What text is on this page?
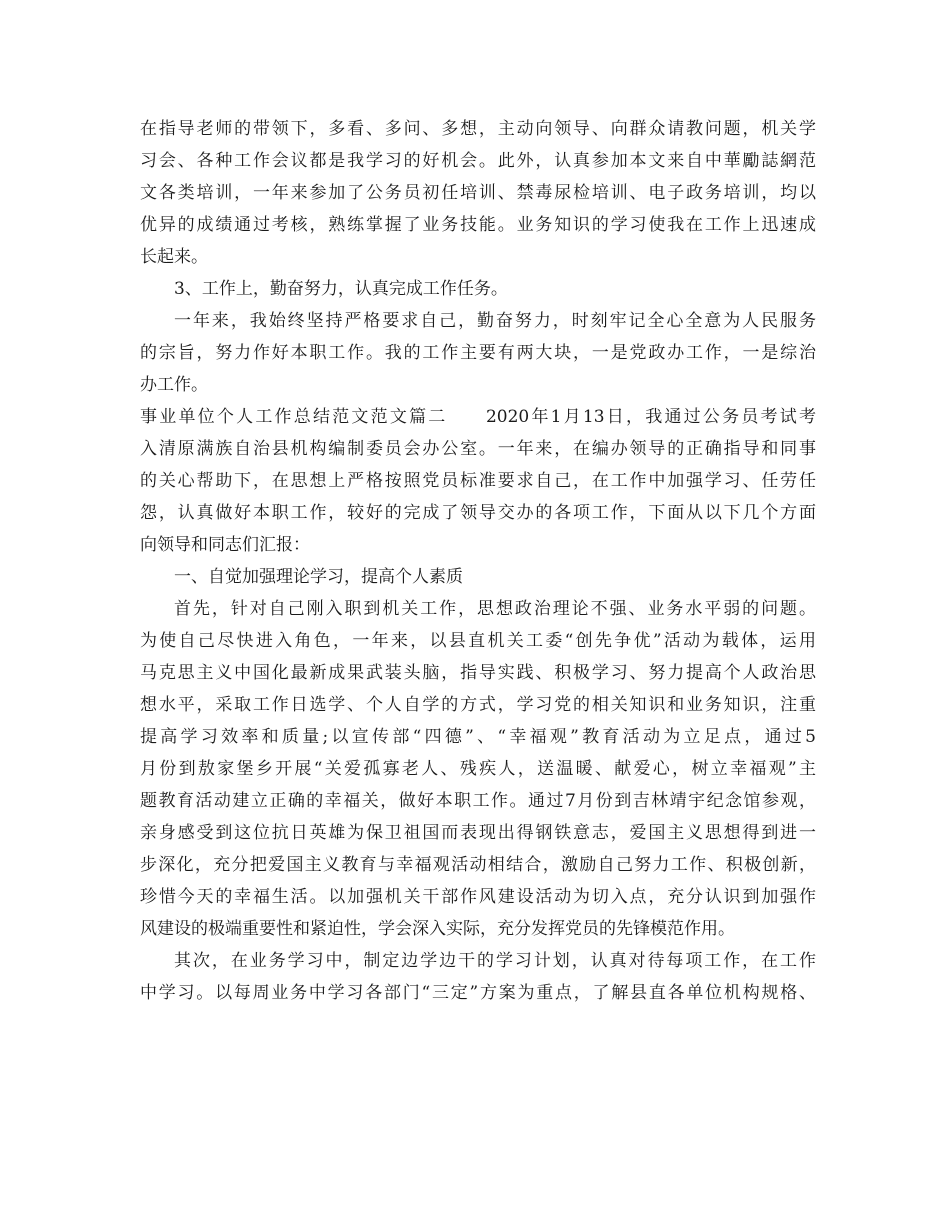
在指导老师的带领下，多看、多问、多想，主动向领导、向群众请教问题，机关学
习会、各种工作会议都是我学习的好机会。此外，认真参加本文来自中華勵誌網范
文各类培训，一年来参加了公务员初任培训、禁毒尿检培训、电子政务培训，均以
优异的成绩通过考核，熟练掌握了业务技能。业务知识的学习使我在工作上迅速成
长起来。
3、工作上，勤奋努力，认真完成工作任务。
一年来，我始终坚持严格要求自己，勤奋努力，时刻牢记全心全意为人民服务
的宗旨，努力作好本职工作。我的工作主要有两大块，一是党政办工作，一是综治
办工作。
事业单位个人工作总结范文范文篇二　　2020年1月13日，我通过公务员考试考
入清原满族自治县机构编制委员会办公室。一年来，在编办领导的正确指导和同事
的关心帮助下，在思想上严格按照党员标准要求自己，在工作中加强学习、任劳任
怨，认真做好本职工作，较好的完成了领导交办的各项工作，下面从以下几个方面
向领导和同志们汇报：
一、自觉加强理论学习，提高个人素质
首先，针对自己刚入职到机关工作，思想政治理论不强、业务水平弱的问题。
为使自己尽快进入角色，一年来，以县直机关工委“创先争优”活动为载体，运用
马克思主义中国化最新成果武装头脑，指导实践、积极学习、努力提高个人政治思
想水平，采取工作日选学、个人自学的方式，学习党的相关知识和业务知识，注重
提高学习效率和质量;以宣传部“四德”、“幸福观”教育活动为立足点，通过5
月份到敖家堡乡开展“关爱孤寡老人、残疾人，送温暖、献爱心，树立幸福观”主
题教育活动建立正确的幸福关，做好本职工作。通过7月份到吉林靖宇纪念馆参观，
亲身感受到这位抗日英雄为保卫祖国而表现出得钢铁意志，爱国主义思想得到进一
步深化，充分把爱国主义教育与幸福观活动相结合，激励自己努力工作、积极创新，
珍惜今天的幸福生活。以加强机关干部作风建设活动为切入点，充分认识到加强作
风建设的极端重要性和紧迫性，学会深入实际，充分发挥党员的先锋模范作用。
其次，在业务学习中，制定边学边干的学习计划，认真对待每项工作，在工作
中学习。以每周业务中学习各部门“三定”方案为重点，了解县直各单位机构规格、
